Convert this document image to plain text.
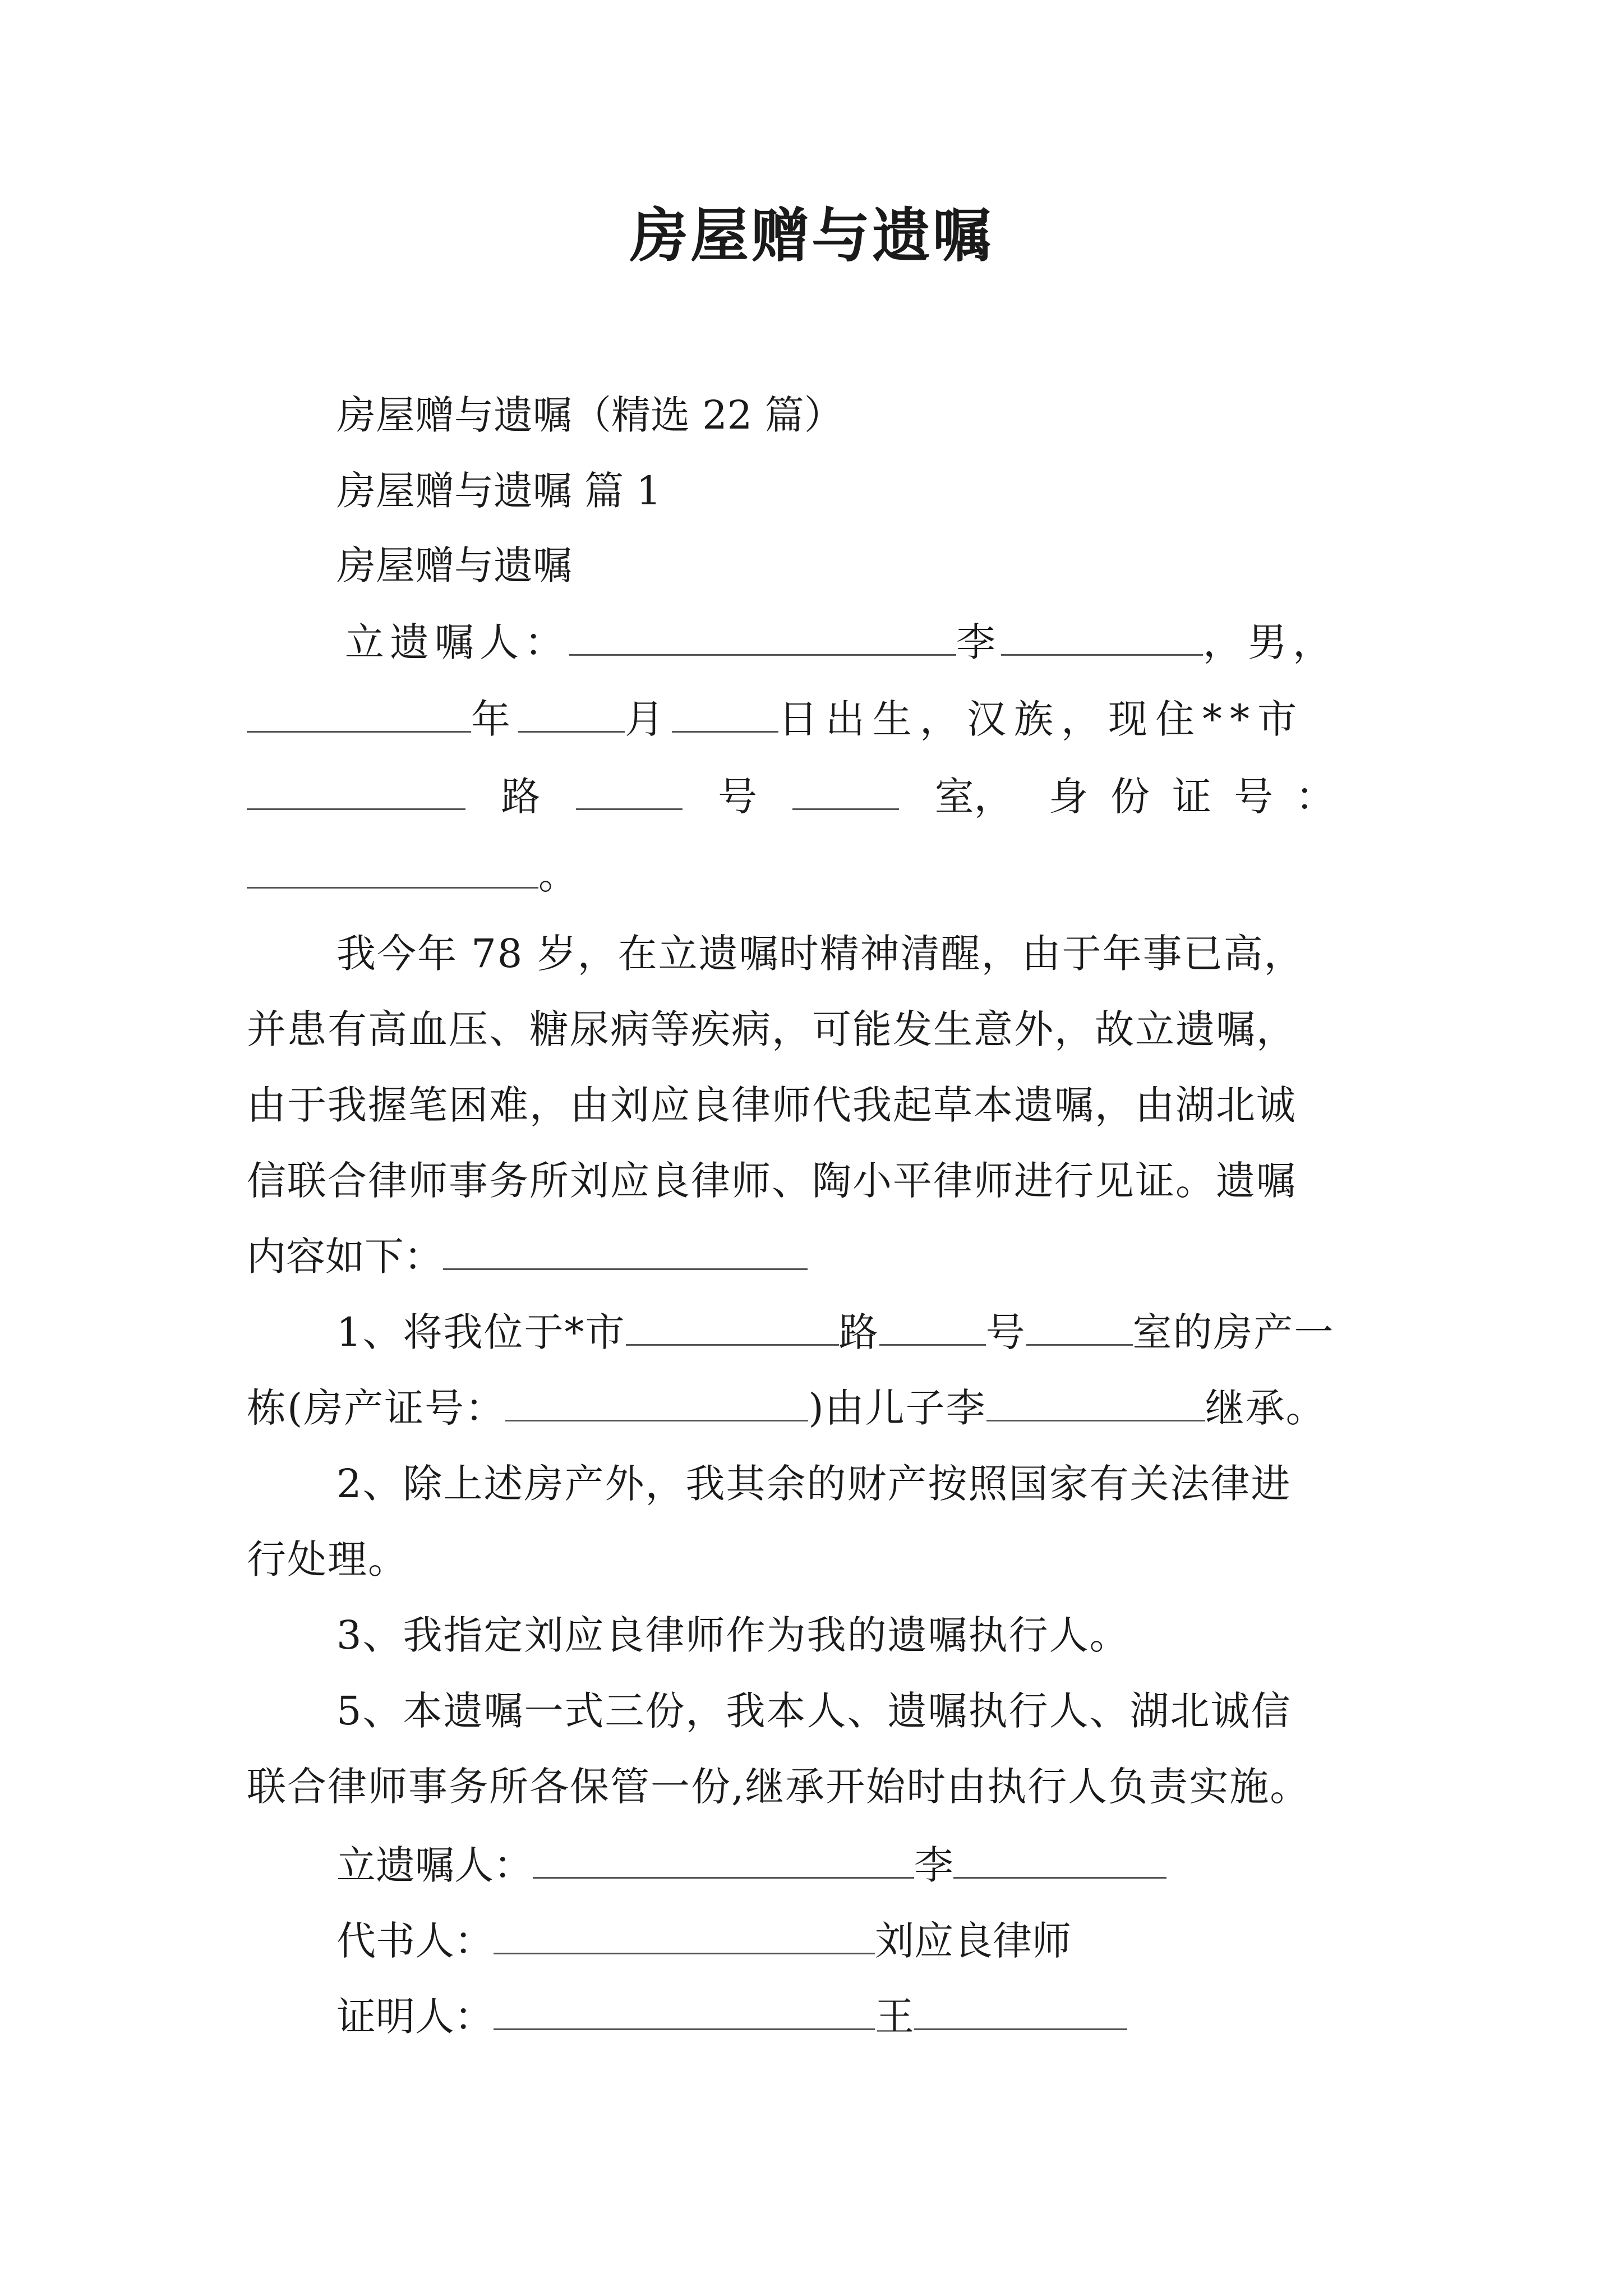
房屋赠与遗嘱
房屋赠与遗嘱（精选 22 篇）
房屋赠与遗嘱 篇 1
房屋赠与遗嘱
立遗嘱人：	李	，男，
年	月	日出生，汉族，现住**市
路	号	室， 身份证号：
。
我今年 78 岁，在立遗嘱时精神清醒，由于年事已高，
并患有高血压、糖尿病等疾病，可能发生意外，故立遗嘱，
由于我握笔困难，由刘应良律师代我起草本遗嘱，由湖北诚
信联合律师事务所刘应良律师、陶小平律师进行见证。遗嘱
内容如下：
1、将我位于*市	路	号	室的房产一
栋(房产证号：	)由儿子李	继承。
2、除上述房产外，我其余的财产按照国家有关法律进
行处理。
3、我指定刘应良律师作为我的遗嘱执行人。
5、本遗嘱一式三份，我本人、遗嘱执行人、湖北诚信
联合律师事务所各保管一份,继承开始时由执行人负责实施。
立遗嘱人：	李
代书人：	刘应良律师
证明人：	王
